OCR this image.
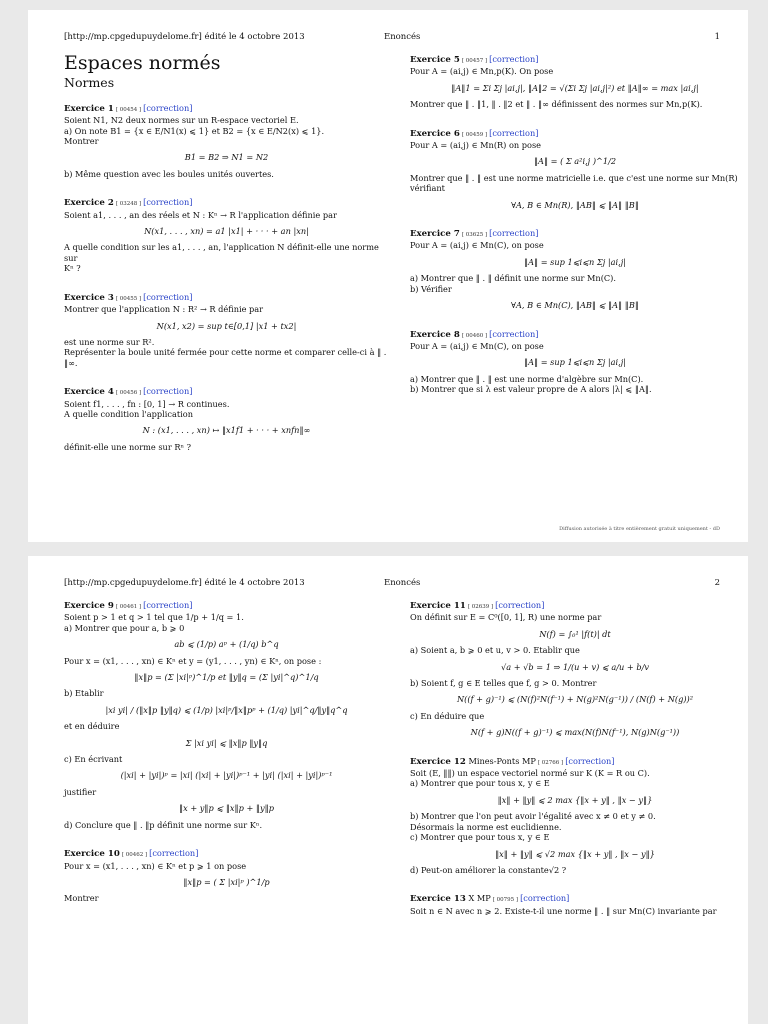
[http://mp.cpgedupuydelome.fr] édité le 4 octobre 2013	Enoncés	1
Espaces normés
Normes
Exercice 1 [ 00454 ] [correction]
Soient N1, N2 deux normes sur un R-espace vectoriel E.
a) On note B1 = {x ∈ E/N1(x) ⩽ 1} et B2 = {x ∈ E/N2(x) ⩽ 1}.
Montrer
B1 = B2 ⇒ N1 = N2
b) Même question avec les boules unités ouvertes.
Exercice 2 [ 03248 ] [correction]
Soient a1, . . . , an des réels et N : Kⁿ → R l'application définie par
N(x1, . . . , xn) = a1 |x1| + · · · + an |xn|
A quelle condition sur les a1, . . . , an, l'application N définit-elle une norme sur
Kⁿ ?
Exercice 3 [ 00455 ] [correction]
Montrer que l'application N : R² → R définie par
N(x1, x2) = sup t∈[0,1] |x1 + tx2|
est une norme sur R².
Représenter la boule unité fermée pour cette norme et comparer celle-ci à ‖ . ‖∞.
Exercice 4 [ 00456 ] [correction]
Soient f1, . . . , fn : [0, 1] → R continues.
A quelle condition l'application
N : (x1, . . . , xn) ↦ ‖x1f1 + · · · + xnfn‖∞
définit-elle une norme sur Rⁿ ?
Exercice 5 [ 00457 ] [correction]
Pour A = (ai,j) ∈ Mn,p(K). On pose
‖A‖1 = Σi Σj |ai,j|, ‖A‖2 = √(Σi Σj |ai,j|²) et ‖A‖∞ = max |ai,j|
Montrer que ‖ . ‖1, ‖ . ‖2 et ‖ . ‖∞ définissent des normes sur Mn,p(K).
Exercice 6 [ 00459 ] [correction]
Pour A = (ai,j) ∈ Mn(R) on pose
‖A‖ = ( Σ a²i,j )^1/2
Montrer que ‖ . ‖ est une norme matricielle i.e. que c'est une norme sur Mn(R)
vérifiant
∀A, B ∈ Mn(R), ‖AB‖ ⩽ ‖A‖ ‖B‖
Exercice 7 [ 03625 ] [correction]
Pour A = (ai,j) ∈ Mn(C), on pose
‖A‖ = sup 1⩽i⩽n Σj |ai,j|
a) Montrer que ‖ . ‖ définit une norme sur Mn(C).
b) Vérifier
∀A, B ∈ Mn(C), ‖AB‖ ⩽ ‖A‖ ‖B‖
Exercice 8 [ 00460 ] [correction]
Pour A = (ai,j) ∈ Mn(C), on pose
‖A‖ = sup 1⩽i⩽n Σj |ai,j|
a) Montrer que ‖ . ‖ est une norme d'algèbre sur Mn(C).
b) Montrer que si λ est valeur propre de A alors |λ| ⩽ ‖A‖.
Diffusion autorisée à titre entièrement gratuit uniquement - dD
[http://mp.cpgedupuydelome.fr] édité le 4 octobre 2013	Enoncés	2
Exercice 9 [ 00461 ] [correction]
Soient p > 1 et q > 1 tel que 1/p + 1/q = 1.
a) Montrer que pour a, b ⩾ 0
ab ⩽ (1/p) aᵖ + (1/q) b^q
Pour x = (x1, . . . , xn) ∈ Kⁿ et y = (y1, . . . , yn) ∈ Kⁿ, on pose :
‖x‖p = (Σ |xi|ᵖ)^1/p et ‖y‖q = (Σ |yi|^q)^1/q
b) Etablir
|xi yi| / (‖x‖p ‖y‖q) ⩽ (1/p) |xi|ᵖ/‖x‖pᵖ + (1/q) |yi|^q/‖y‖q^q
et en déduire
Σ |xi yi| ⩽ ‖x‖p ‖y‖q
c) En écrivant
(|xi| + |yi|)ᵖ = |xi| (|xi| + |yi|)ᵖ⁻¹ + |yi| (|xi| + |yi|)ᵖ⁻¹
justifier
‖x + y‖p ⩽ ‖x‖p + ‖y‖p
d) Conclure que ‖ . ‖p définit une norme sur Kⁿ.
Exercice 10 [ 00462 ] [correction]
Pour x = (x1, . . . , xn) ∈ Kⁿ et p ⩾ 1 on pose
‖x‖p = ( Σ |xi|ᵖ )^1/p
Montrer
Exercice 11 [ 02639 ] [correction]
On définit sur E = C⁰([0, 1], R) une norme par
N(f) = ∫₀¹ |f(t)| dt
a) Soient a, b ⩾ 0 et u, v > 0. Etablir que
√a + √b = 1 ⇒ 1/(u + v) ⩽ a/u + b/v
b) Soient f, g ∈ E telles que f, g > 0. Montrer
N((f + g)⁻¹) ⩽ (N(f)²N(f⁻¹) + N(g)²N(g⁻¹)) / (N(f) + N(g))²
c) En déduire que
N(f + g)N((f + g)⁻¹) ⩽ max(N(f)N(f⁻¹), N(g)N(g⁻¹))
Exercice 12 Mines-Ponts MP [ 02766 ] [correction]
Soit (E, ‖‖) un espace vectoriel normé sur K (K = R ou C).
a) Montrer que pour tous x, y ∈ E
‖x‖ + ‖y‖ ⩽ 2 max {‖x + y‖ , ‖x − y‖}
b) Montrer que l'on peut avoir l'égalité avec x ≠ 0 et y ≠ 0.
Désormais la norme est euclidienne.
c) Montrer que pour tous x, y ∈ E
‖x‖ + ‖y‖ ⩽ √2 max {‖x + y‖ , ‖x − y‖}
d) Peut-on améliorer la constante√2 ?
Exercice 13 X MP [ 00795 ] [correction]
Soit n ∈ N avec n ⩾ 2. Existe-t-il une norme ‖ . ‖ sur Mn(C) invariante par
